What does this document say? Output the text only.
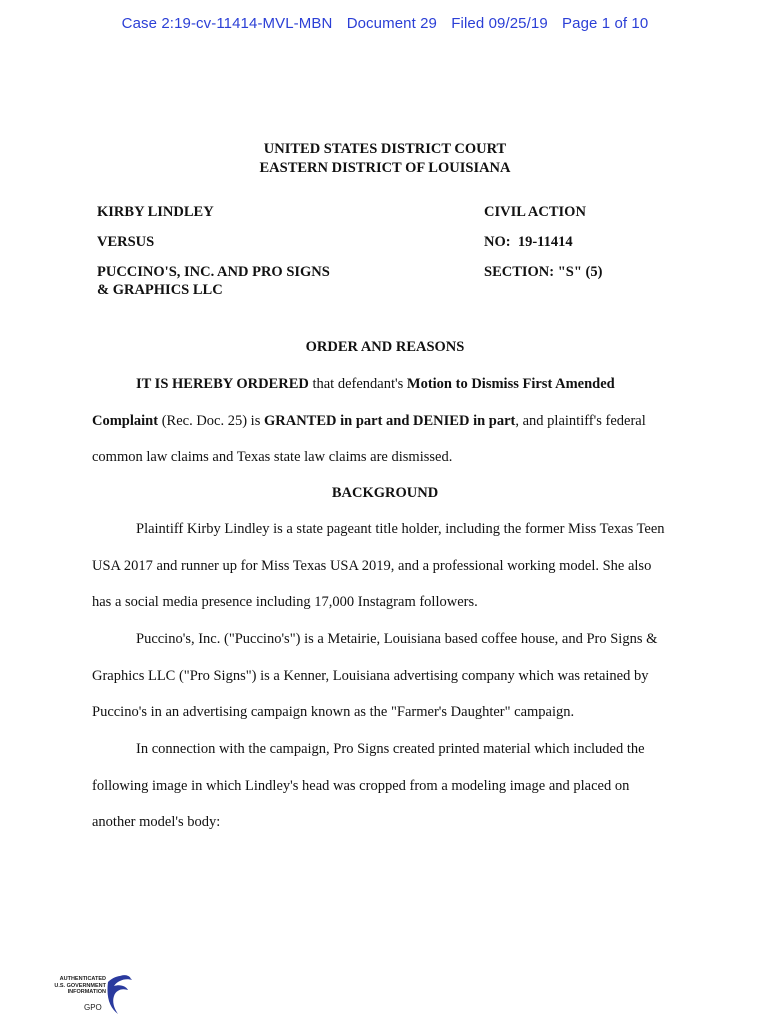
Case 2:19-cv-11414-MVL-MBN Document 29 Filed 09/25/19 Page 1 of 10
UNITED STATES DISTRICT COURT
EASTERN DISTRICT OF LOUISIANA
KIRBY LINDLEY	CIVIL ACTION
VERSUS	NO:  19-11414
PUCCINO'S, INC. AND PRO SIGNS
& GRAPHICS LLC
SECTION: "S" (5)
ORDER AND REASONS
IT IS HEREBY ORDERED that defendant's Motion to Dismiss First Amended Complaint (Rec. Doc. 25) is GRANTED in part and DENIED in part, and plaintiff's federal common law claims and Texas state law claims are dismissed.
BACKGROUND
Plaintiff Kirby Lindley is a state pageant title holder, including the former Miss Texas Teen USA 2017 and runner up for Miss Texas USA 2019, and a professional working model. She also has a social media presence including 17,000 Instagram followers.
Puccino's, Inc. ("Puccino's") is a Metairie, Louisiana based coffee house, and Pro Signs & Graphics LLC ("Pro Signs") is a Kenner, Louisiana advertising company which was retained by Puccino's in an advertising campaign known as the "Farmer's Daughter" campaign.
In connection with the campaign, Pro Signs created printed material which included the following image in which Lindley's head was cropped from a modeling image and placed on another model's body:
AUTHENTICATED
U.S. GOVERNMENT
INFORMATION
GPO
